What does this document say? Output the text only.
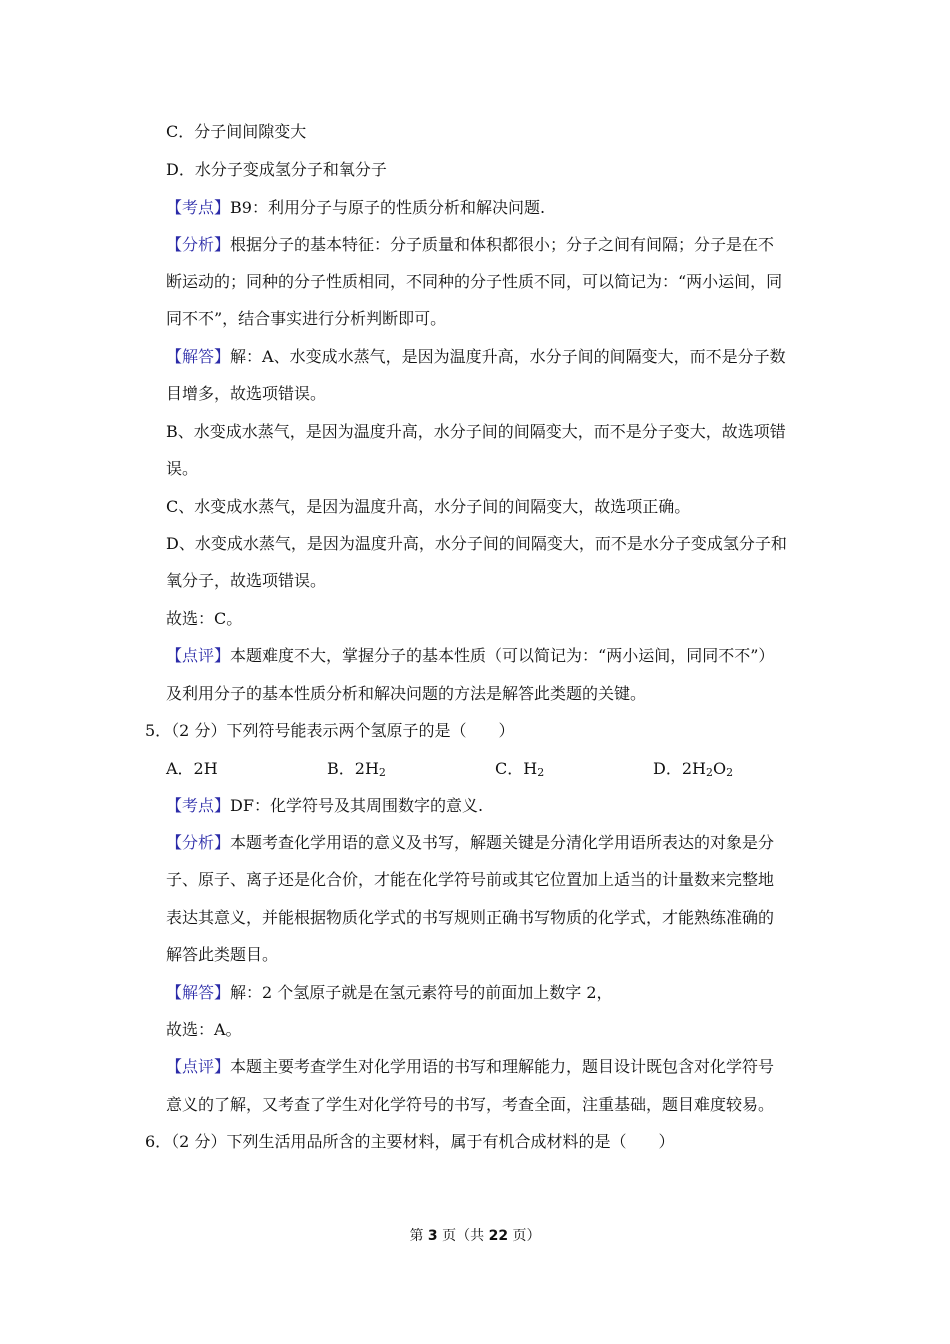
C．分子间间隙变大
D．水分子变成氢分子和氧分子
【考点】B9：利用分子与原子的性质分析和解决问题.
【分析】根据分子的基本特征：分子质量和体积都很小；分子之间有间隔；分子是在不
断运动的；同种的分子性质相同，不同种的分子性质不同，可以简记为：“两小运间，同
同不不”，结合事实进行分析判断即可。
【解答】解：A、水变成水蒸气，是因为温度升高，水分子间的间隔变大，而不是分子数
目增多，故选项错误。
B、水变成水蒸气，是因为温度升高，水分子间的间隔变大，而不是分子变大，故选项错
误。
C、水变成水蒸气，是因为温度升高，水分子间的间隔变大，故选项正确。
D、水变成水蒸气，是因为温度升高，水分子间的间隔变大，而不是水分子变成氢分子和
氧分子，故选项错误。
故选：C。
【点评】本题难度不大，掌握分子的基本性质（可以简记为：“两小运间，同同不不”）
及利用分子的基本性质分析和解决问题的方法是解答此类题的关键。
5．（2 分）下列符号能表示两个氢原子的是（　　）
A．2H	B．$2H_2$	C．$H_2$	D．$2H_2O_2$
【考点】DF：化学符号及其周围数字的意义.
【分析】本题考查化学用语的意义及书写，解题关键是分清化学用语所表达的对象是分
子、原子、离子还是化合价，才能在化学符号前或其它位置加上适当的计量数来完整地
表达其意义，并能根据物质化学式的书写规则正确书写物质的化学式，才能熟练准确的
解答此类题目。
【解答】解：2 个氢原子就是在氢元素符号的前面加上数字 2，
故选：A。
【点评】本题主要考查学生对化学用语的书写和理解能力，题目设计既包含对化学符号
意义的了解，又考查了学生对化学符号的书写，考查全面，注重基础，题目难度较易。
6．（2 分）下列生活用品所含的主要材料，属于有机合成材料的是（　　）
第 3 页（共 22 页）
